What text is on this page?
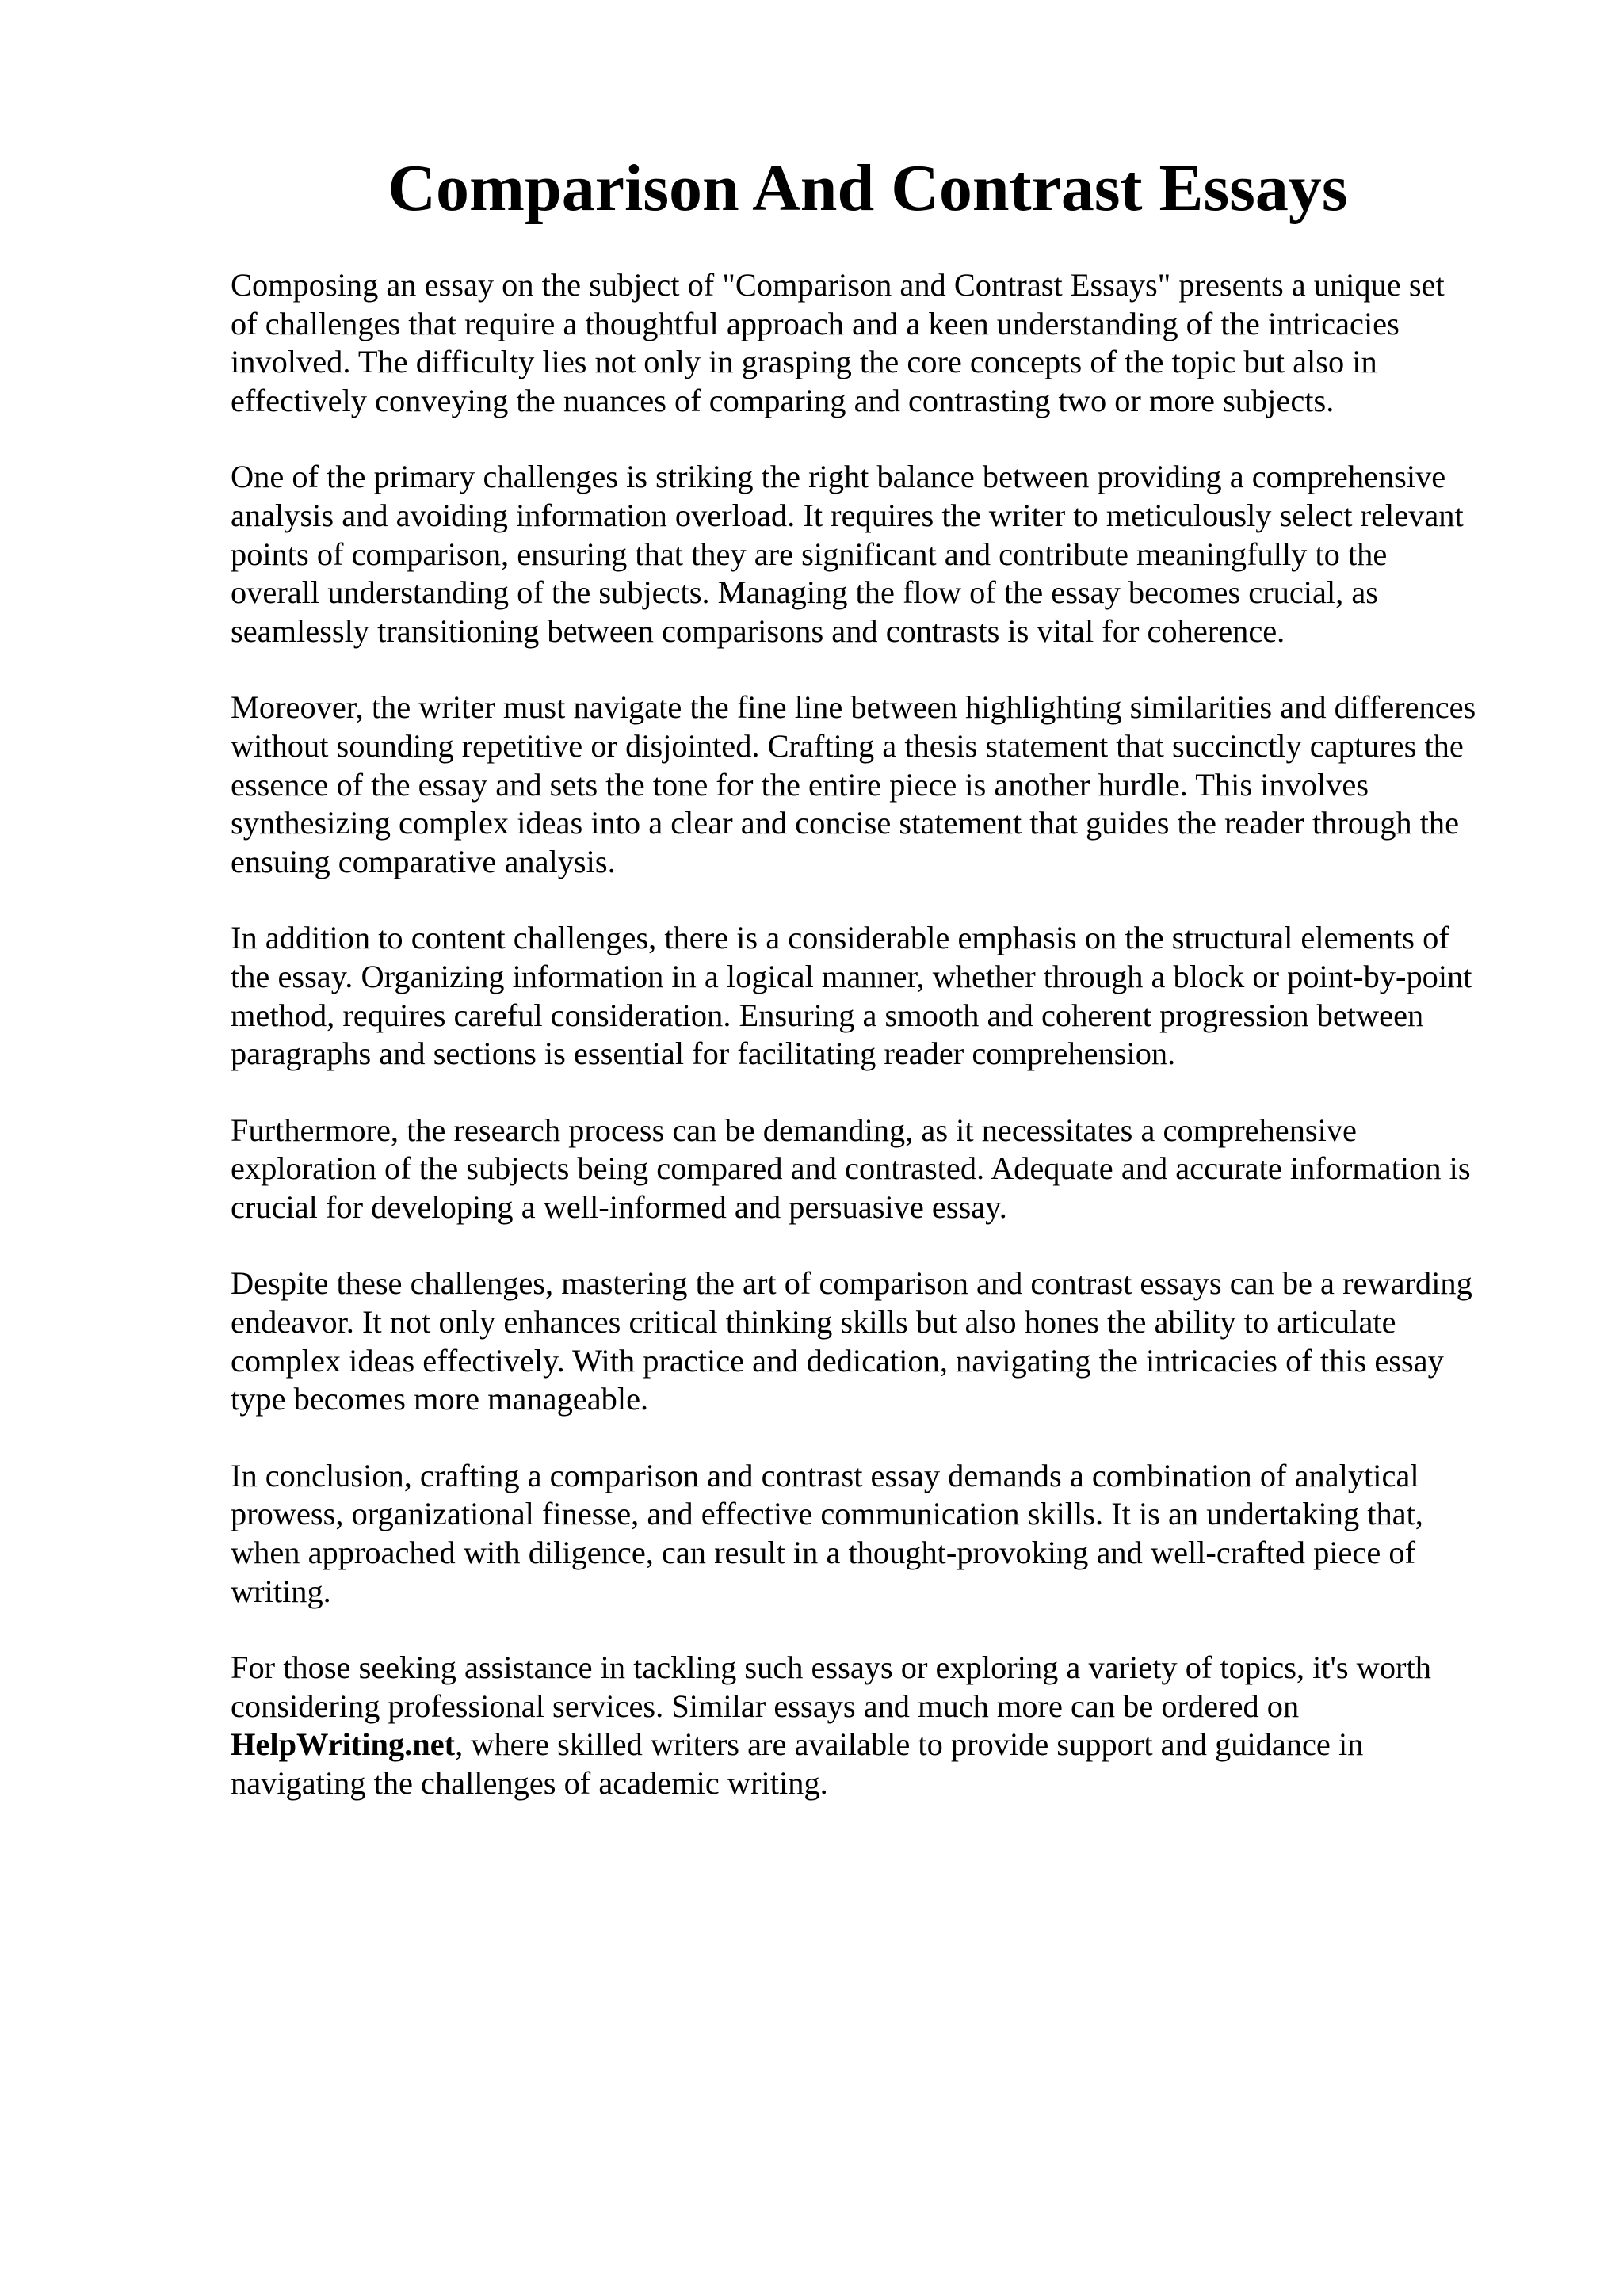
Comparison And Contrast Essays

Composing an essay on the subject of "Comparison and Contrast Essays" presents a unique set
of challenges that require a thoughtful approach and a keen understanding of the intricacies
involved. The difficulty lies not only in grasping the core concepts of the topic but also in
effectively conveying the nuances of comparing and contrasting two or more subjects.

One of the primary challenges is striking the right balance between providing a comprehensive
analysis and avoiding information overload. It requires the writer to meticulously select relevant
points of comparison, ensuring that they are significant and contribute meaningfully to the
overall understanding of the subjects. Managing the flow of the essay becomes crucial, as
seamlessly transitioning between comparisons and contrasts is vital for coherence.

Moreover, the writer must navigate the fine line between highlighting similarities and differences
without sounding repetitive or disjointed. Crafting a thesis statement that succinctly captures the
essence of the essay and sets the tone for the entire piece is another hurdle. This involves
synthesizing complex ideas into a clear and concise statement that guides the reader through the
ensuing comparative analysis.

In addition to content challenges, there is a considerable emphasis on the structural elements of
the essay. Organizing information in a logical manner, whether through a block or point-by-point
method, requires careful consideration. Ensuring a smooth and coherent progression between
paragraphs and sections is essential for facilitating reader comprehension.

Furthermore, the research process can be demanding, as it necessitates a comprehensive
exploration of the subjects being compared and contrasted. Adequate and accurate information is
crucial for developing a well-informed and persuasive essay.

Despite these challenges, mastering the art of comparison and contrast essays can be a rewarding
endeavor. It not only enhances critical thinking skills but also hones the ability to articulate
complex ideas effectively. With practice and dedication, navigating the intricacies of this essay
type becomes more manageable.

In conclusion, crafting a comparison and contrast essay demands a combination of analytical
prowess, organizational finesse, and effective communication skills. It is an undertaking that,
when approached with diligence, can result in a thought-provoking and well-crafted piece of
writing.

For those seeking assistance in tackling such essays or exploring a variety of topics, it's worth
considering professional services. Similar essays and much more can be ordered on
HelpWriting.net, where skilled writers are available to provide support and guidance in
navigating the challenges of academic writing.
